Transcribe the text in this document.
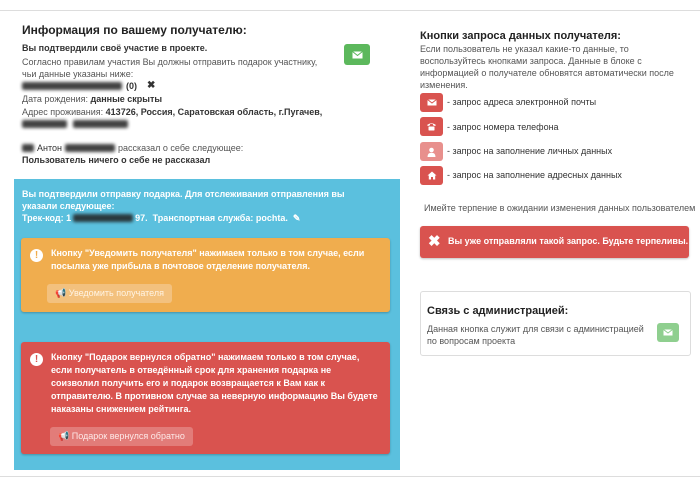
Информация по вашему получателю:
Вы подтвердили своё участие в проекте.
Согласно правилам участия Вы должны отправить подарок участнику, чьи данные указаны ниже:
(0) ✖
Дата рождения: данные скрыты
Адрес проживания: 413726, Россия, Саратовская область, г.Пугачев,
Антон	рассказал о себе следующее:
Пользователь ничего о себе не рассказал
Вы подтвердили отправку подарка. Для отслеживания отправления вы указали следующее:
Трек-код: 1	97. Транспортная служба: pochta. ✎
!	Кнопку "Уведомить получателя" нажимаем только в том случае, если посылка уже прибыла в почтовое отделение получателя.
📢 Уведомить получателя
!	Кнопку "Подарок вернулся обратно" нажимаем только в том случае, если получатель в отведённый срок для хранения подарка не соизволил получить его и подарок возвращается к Вам как к отправителю. В противном случае за неверную информацию Вы будете наказаны снижением рейтинга.
📢 Подарок вернулся обратно
Кнопки запроса данных получателя:
Если пользователь не указал какие-то данные, то воспользуйтесь кнопками запроса. Данные в блоке с информацией о получателе обновятся автоматически после изменения.
- запрос адреса электронной почты
- запрос номера телефона
- запрос на заполнение личных данных
- запрос на заполнение адресных данных
Имейте терпение в ожидании изменения данных пользователем
✖ Вы уже отправляли такой запрос. Будьте терпеливы.
Связь с администрацией:
Данная кнопка служит для связи с администрацией по вопросам проекта
